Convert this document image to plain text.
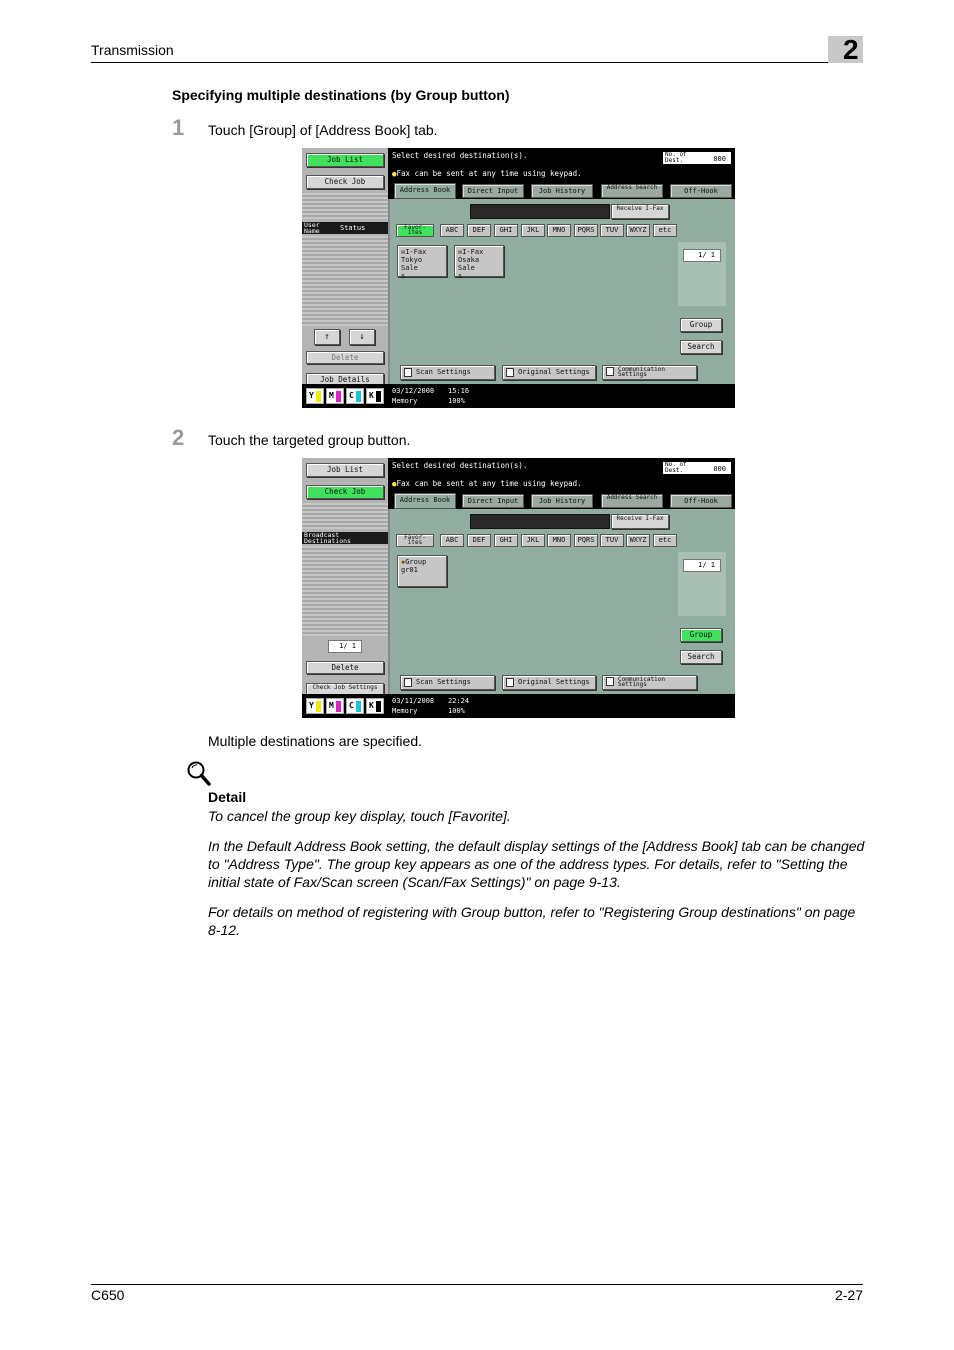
Transmission	2
Specifying multiple destinations (by Group button)
1 Touch [Group] of [Address Book] tab.
Job List
Check Job
User Name	Status
↑	↓
Delete
Job Details
Select desired destination(s).
●Fax can be sent at any time using keypad.
No. of Dest.	000
Address Book	Direct Input	Job History	Address Search	Off-Hook
Receive I-Fax
Favor-ites	ABC	DEF	GHI	JKL	MNO	PQRS	TUV	WXYZ	etc
✉I-Fax
Tokyo Sale
s
✉I-Fax
Osaka Sale
s
1/ 1
Group
Search
Scan Settings	Original Settings	Communication Settings
Y	M	C	K	03/12/2008 15:16
Memory	100%
2 Touch the targeted group button.
Job List
Check Job
Broadcast Destinations
1/ 1
Delete
Check Job Settings
Select desired destination(s).
●Fax can be sent at any time using keypad.
No. of Dest.	000
Address Book	Direct Input	Job History	Address Search	Off-Hook
Receive I-Fax
Favor-ites	ABC	DEF	GHI	JKL	MNO	PQRS	TUV	WXYZ	etc
◆Group
gr01
1/ 1
Group
Search
Scan Settings	Original Settings	Communication Settings
Y	M	C	K	03/11/2008 22:24
Memory	100%
Multiple destinations are specified.
Detail
To cancel the group key display, touch [Favorite].
In the Default Address Book setting, the default display settings of the [Address Book] tab can be changed to "Address Type". The group key appears as one of the address types. For details, refer to "Setting the initial state of Fax/Scan screen (Scan/Fax Settings)" on page 9-13.
For details on method of registering with Group button, refer to "Registering Group destinations" on page 8-12.
C650	2-27
